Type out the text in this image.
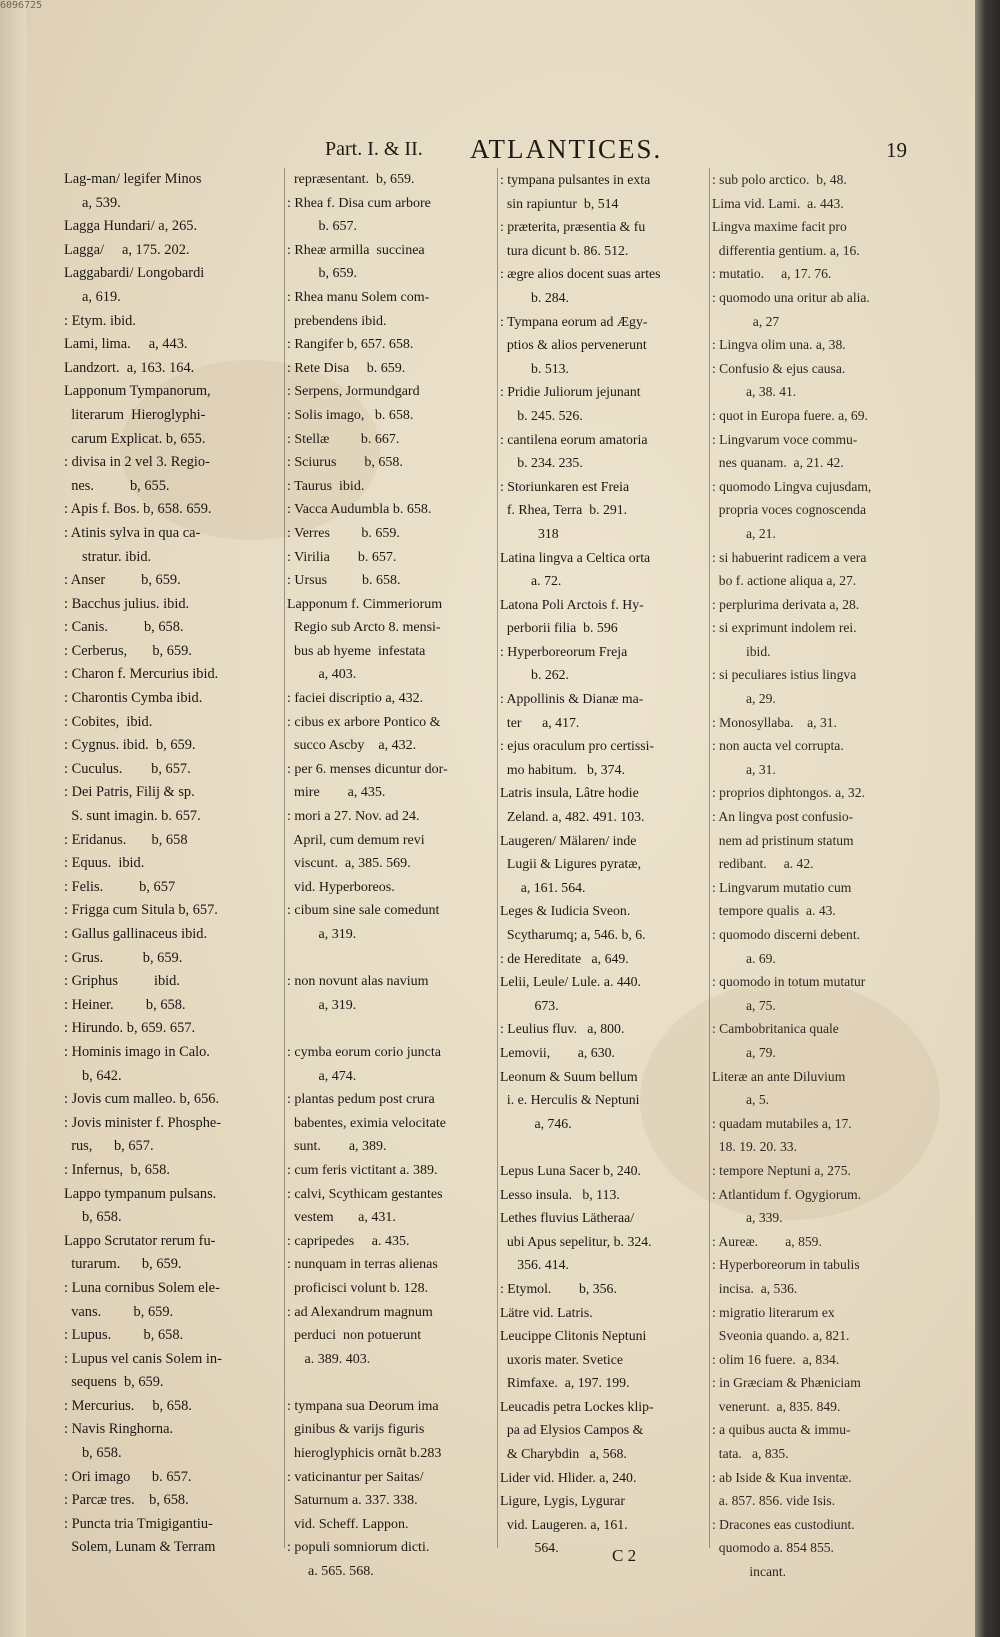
6096725
Part. I. & II. ATLANTICES.	19
Lag-man/ legifer Minos
a, 539.
Lagga Hundari/ a, 265.
Lagga/     a, 175. 202.
Laggabardi/ Longobardi
a, 619.
: Etym. ibid.
Lami, lima.     a, 443.
Landzort.  a, 163. 164.
Lapponum Tympanorum,
literarum  Hieroglyphi-
carum Explicat. b, 655.
: divisa in 2 vel 3. Regio-
nes.          b, 655.
: Apis f. Bos. b, 658. 659.
: Atinis sylva in qua ca-
stratur. ibid.
: Anser          b, 659.
: Bacchus julius. ibid.
: Canis.          b, 658.
: Cerberus,       b, 659.
: Charon f. Mercurius ibid.
: Charontis Cymba ibid.
: Cobites,  ibid.
: Cygnus. ibid.  b, 659.
: Cuculus.        b, 657.
: Dei Patris, Filij & sp.
S. sunt imagin. b. 657.
: Eridanus.       b, 658
: Equus.  ibid.
: Felis.          b, 657
: Frigga cum Situla b, 657.
: Gallus gallinaceus ibid.
: Grus.           b, 659.
: Griphus          ibid.
: Heiner.         b, 658.
: Hirundo. b, 659. 657.
: Hominis imago in Calo.
b, 642.
: Jovis cum malleo. b, 656.
: Jovis minister f. Phosphe-
rus,      b, 657.
: Infernus,  b, 658.
Lappo tympanum pulsans.
b, 658.
Lappo Scrutator rerum fu-
turarum.      b, 659.
: Luna cornibus Solem ele-
vans.         b, 659.
: Lupus.         b, 658.
: Lupus vel canis Solem in-
sequens  b, 659.
: Mercurius.     b, 658.
: Navis Ringhorna.
b, 658.
: Ori imago      b. 657.
: Parcæ tres.    b, 658.
: Puncta tria Tmigigantiu-
Solem, Lunam & Terram
repræsentant.  b, 659.
: Rhea f. Disa cum arbore
b. 657.
: Rheæ armilla  succinea
b, 659.
: Rhea manu Solem com-
prebendens ibid.
: Rangifer b, 657. 658.
: Rete Disa     b. 659.
: Serpens, Jormundgard
: Solis imago,   b. 658.
: Stellæ         b. 667.
: Sciurus        b, 658.
: Taurus  ibid.
: Vacca Audumbla b. 658.
: Verres         b. 659.
: Virilia        b. 657.
: Ursus          b. 658.
Lapponum f. Cimmeriorum
Regio sub Arcto 8. mensi-
bus ab hyeme  infestata
a, 403.
: faciei discriptio a, 432.
: cibus ex arbore Pontico &
succo Ascby    a, 432.
: per 6. menses dicuntur dor-
mire        a, 435.
: mori a 27. Nov. ad 24.
April, cum demum revi
viscunt.  a, 385. 569.
vid. Hyperboreos.
: cibum sine sale comedunt
a, 319.
: non novunt alas navium
a, 319.
: cymba eorum corio juncta
a, 474.
: plantas pedum post crura
babentes, eximia velocitate
sunt.        a, 389.
: cum feris victitant a. 389.
: calvi, Scythicam gestantes
vestem       a, 431.
: capripedes     a. 435.
: nunquam in terras alienas
proficisci volunt b. 128.
: ad Alexandrum magnum
perduci  non potuerunt
a. 389. 403.
: tympana sua Deorum ima
ginibus & varijs figuris
hieroglyphicis ornãt b.283
: vaticinantur per Saitas/
Saturnum a. 337. 338.
vid. Scheff. Lappon.
: populi somniorum dicti.
a. 565. 568.
: tympana pulsantes in exta
sin rapiuntur  b, 514
: præterita, præsentia & fu
tura dicunt b. 86. 512.
: ægre alios docent suas artes
b. 284.
: Tympana eorum ad Ægy-
ptios & alios pervenerunt
b. 513.
: Pridie Juliorum jejunant
b. 245. 526.
: cantilena eorum amatoria
b. 234. 235.
: Storiunkaren est Freia
f. Rhea, Terra  b. 291.
318
Latina lingva a Celtica orta
a. 72.
Latona Poli Arctois f. Hy-
perborii filia  b. 596
: Hyperboreorum Freja
b. 262.
: Appollinis & Dianæ ma-
ter      a, 417.
: ejus oraculum pro certissi-
mo habitum.   b, 374.
Latris insula, Lâtre hodie
Zeland. a, 482. 491. 103.
Laugeren/ Mälaren/ inde
Lugii & Ligures pyratæ,
a, 161. 564.
Leges & Iudicia Sveon.
Scytharumq; a, 546. b, 6.
: de Hereditate   a, 649.
Lelii, Leule/ Lule. a. 440.
673.
: Leulius fluv.   a, 800.
Lemovii,        a, 630.
Leonum & Suum bellum
i. e. Herculis & Neptuni
a, 746.
Lepus Luna Sacer b, 240.
Lesso insula.   b, 113.
Lethes fluvius Lätheraa/
ubi Apus sepelitur, b. 324.
356. 414.
: Etymol.        b, 356.
Lätre vid. Latris.
Leucippe Clitonis Neptuni
uxoris mater. Svetice
Rimfaxe.  a, 197. 199.
Leucadis petra Lockes klip-
pa ad Elysios Campos &
& Charybdin   a, 568.
Lider vid. Hlider. a, 240.
Ligure, Lygis, Lygurar
vid. Laugeren. a, 161.
564.
: sub polo arctico.  b, 48.
Lima vid. Lami.  a. 443.
Lingva maxime facit pro
differentia gentium. a, 16.
: mutatio.     a, 17. 76.
: quomodo una oritur ab alia.
a, 27
: Lingva olim una. a, 38.
: Confusio & ejus causa.
a, 38. 41.
: quot in Europa fuere. a, 69.
: Lingvarum voce commu-
nes quanam.  a, 21. 42.
: quomodo Lingva cujusdam,
propria voces cognoscenda
a, 21.
: si habuerint radicem a vera
bo f. actione aliqua a, 27.
: perplurima derivata a, 28.
: si exprimunt indolem rei.
ibid.
: si peculiares istius lingva
a, 29.
: Monosyllaba.    a, 31.
: non aucta vel corrupta.
a, 31.
: proprios diphtongos. a, 32.
: An lingva post confusio-
nem ad pristinum statum
redibant.     a. 42.
: Lingvarum mutatio cum
tempore qualis  a. 43.
: quomodo discerni debent.
a. 69.
: quomodo in totum mutatur
a, 75.
: Cambobritanica quale
a, 79.
Literæ an ante Diluvium
a, 5.
: quadam mutabiles a, 17.
18. 19. 20. 33.
: tempore Neptuni a, 275.
: Atlantidum f. Ogygiorum.
a, 339.
: Aureæ.        a, 859.
: Hyperboreorum in tabulis
incisa.  a, 536.
: migratio literarum ex
Sveonia quando. a, 821.
: olim 16 fuere.  a, 834.
: in Græciam & Phæniciam
venerunt.  a, 835. 849.
: a quibus aucta & immu-
tata.   a, 835.
: ab Iside & Kua inventæ.
a. 857. 856. vide Isis.
: Dracones eas custodiunt.
quomodo a. 854 855.
incant.
C 2
